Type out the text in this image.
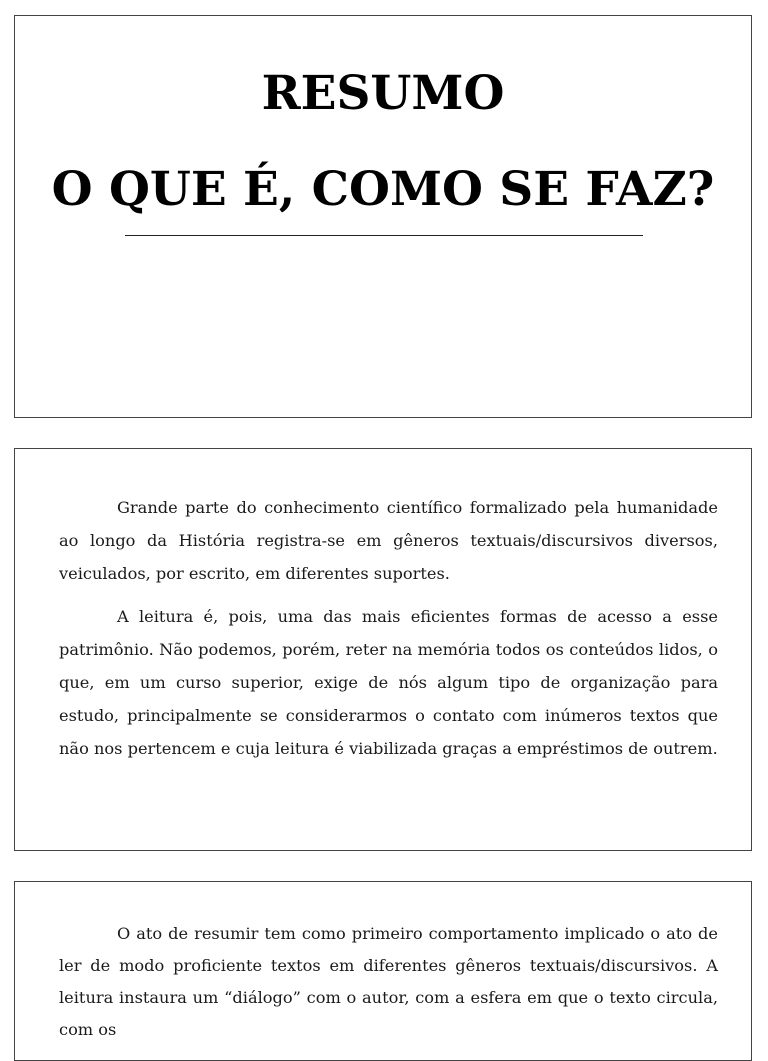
RESUMO
O QUE É, COMO SE FAZ?

Grande parte do conhecimento científico formalizado pela humanidade ao longo da História registra-se em gêneros textuais/discursivos diversos, veiculados, por escrito, em diferentes suportes.

A leitura é, pois, uma das mais eficientes formas de acesso a esse patrimônio. Não podemos, porém, reter na memória todos os conteúdos lidos, o que, em um curso superior, exige de nós algum tipo de organização para estudo, principalmente se considerarmos o contato com inúmeros textos que não nos pertencem e cuja leitura é viabilizada graças a empréstimos de outrem.

O ato de resumir tem como primeiro comportamento implicado o ato de ler de modo proficiente textos em diferentes gêneros textuais/discursivos. A leitura instaura um “diálogo” com o autor, com a esfera em que o texto circula, com os
